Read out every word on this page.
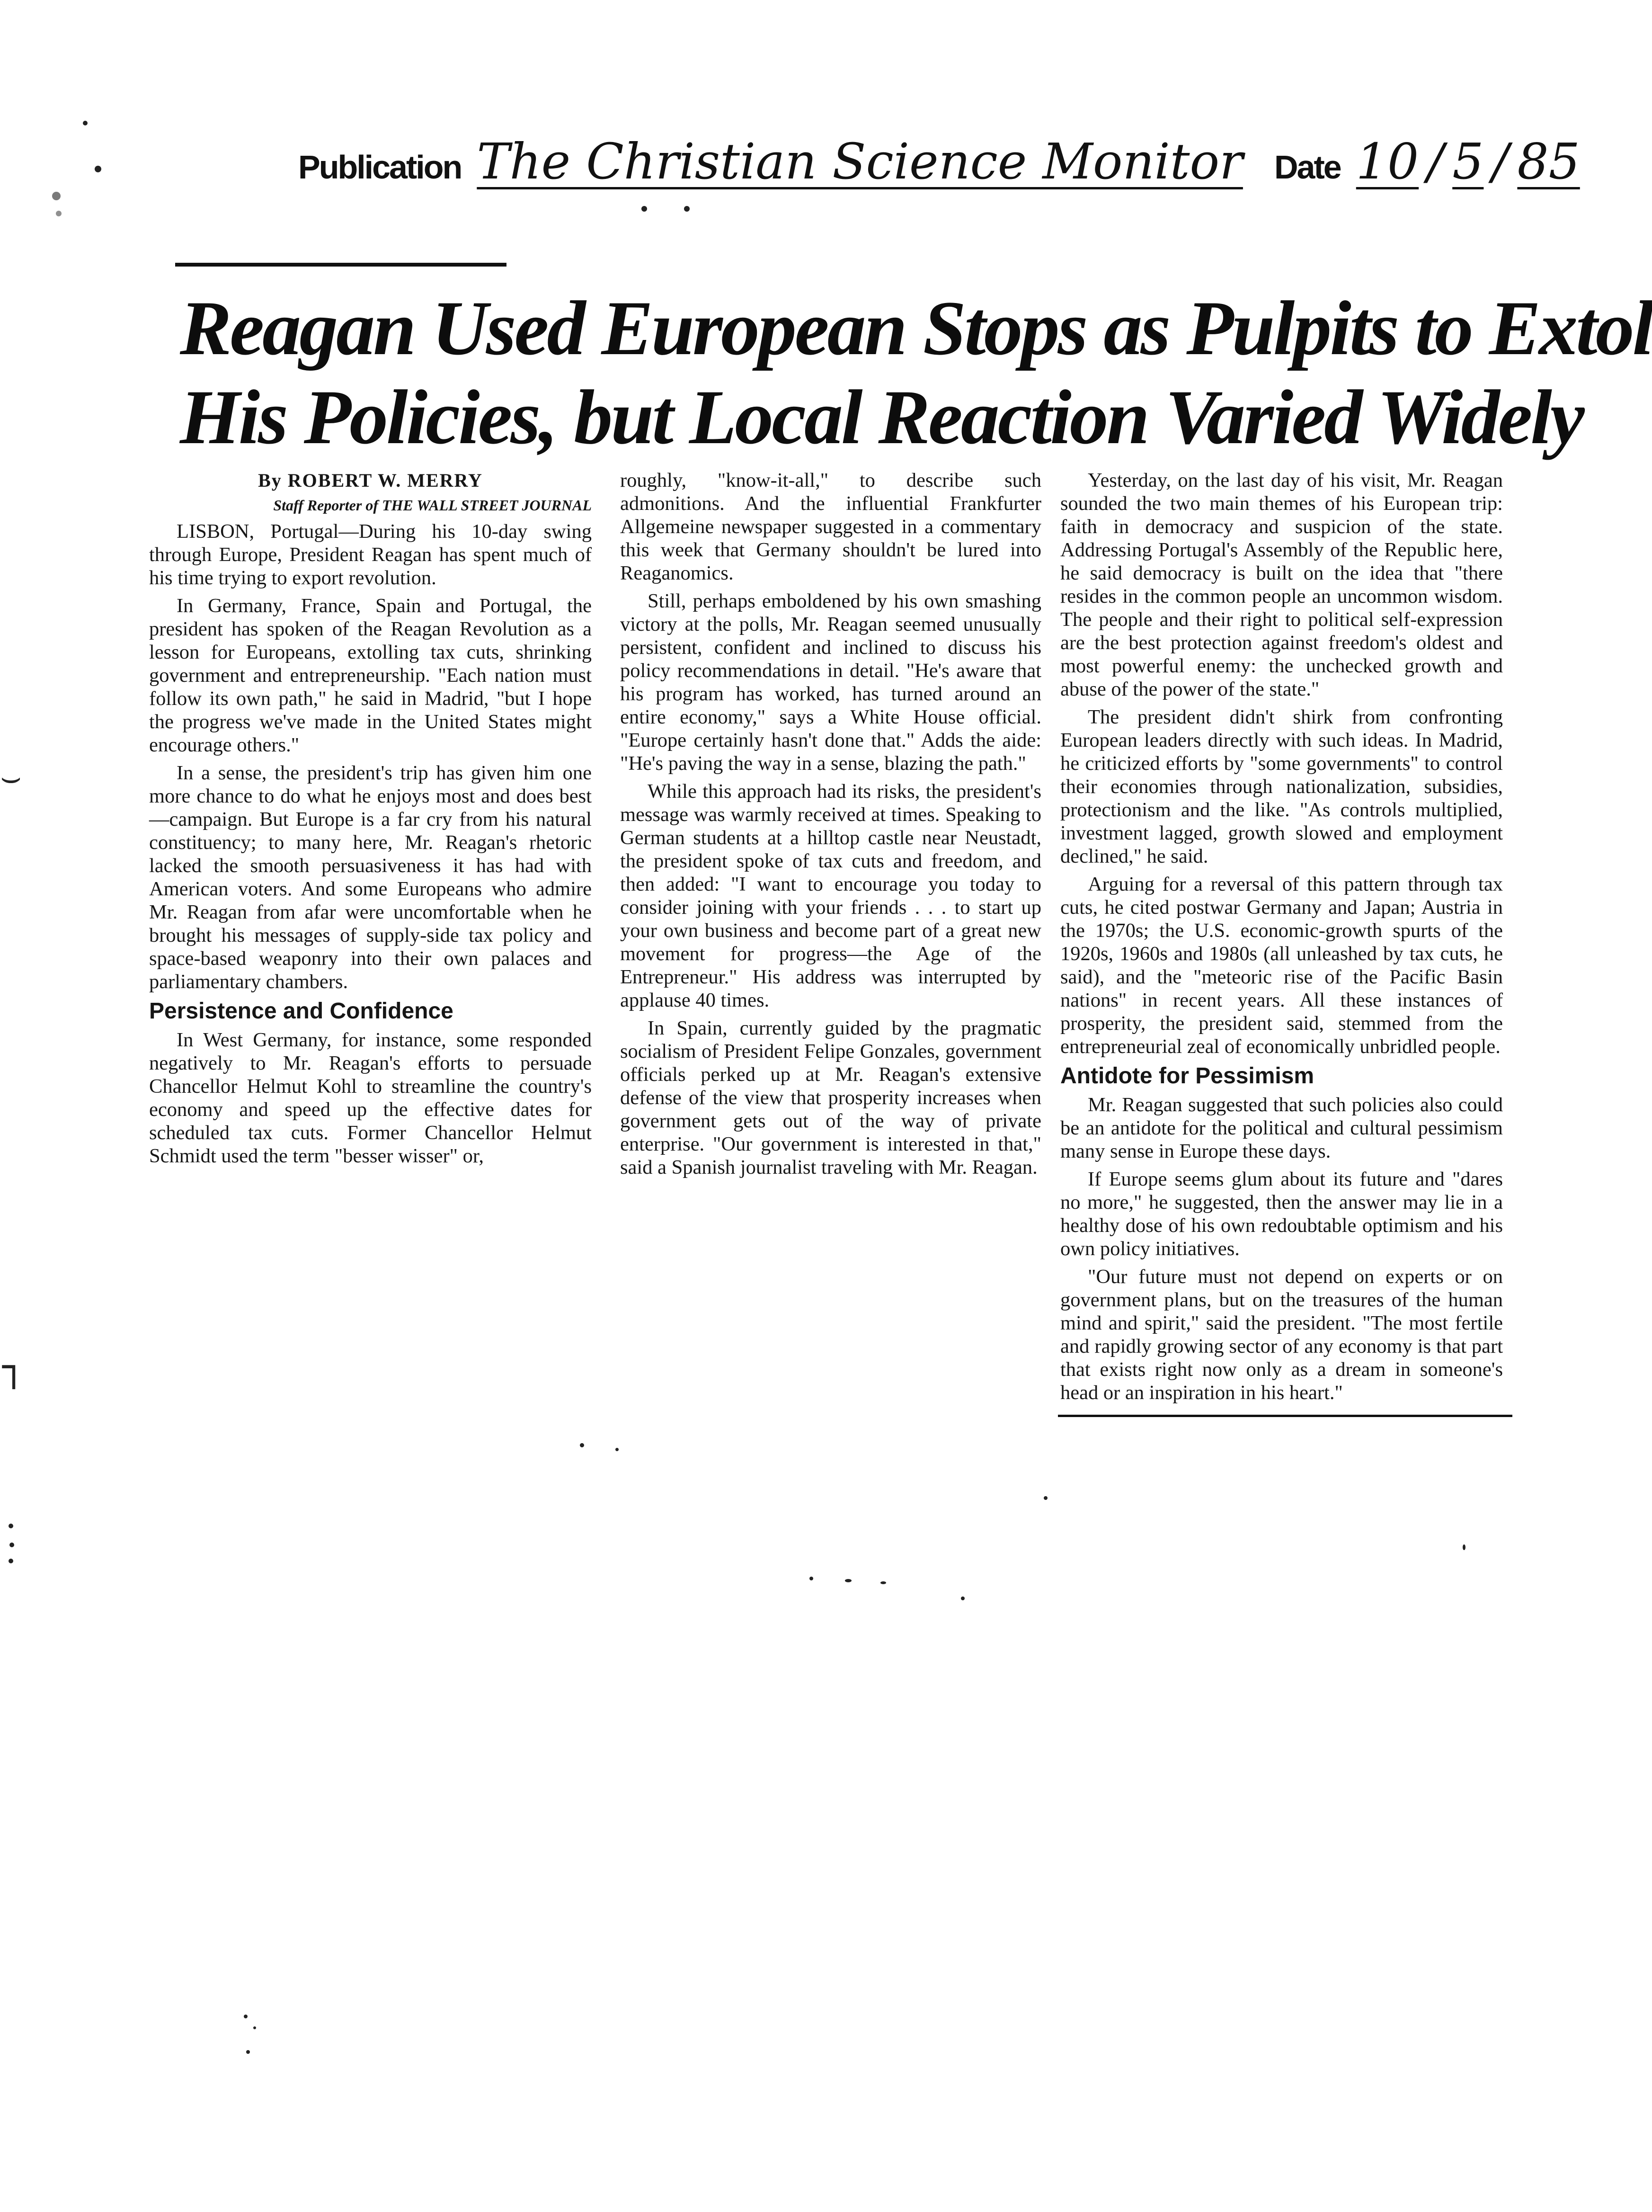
Publication The Christian Science Monitor Date 10 / 5 / 85
Reagan Used European Stops as Pulpits to Extol
His Policies, but Local Reaction Varied Widely
By ROBERT W. MERRY
Staff Reporter of THE WALL STREET JOURNAL

LISBON, Portugal—During his 10-day swing through Europe, President Reagan has spent much of his time trying to export revolution.

In Germany, France, Spain and Portugal, the president has spoken of the Reagan Revolution as a lesson for Europeans, extolling tax cuts, shrinking government and entrepreneurship. "Each nation must follow its own path," he said in Madrid, "but I hope the progress we've made in the United States might encourage others."

In a sense, the president's trip has given him one more chance to do what he enjoys most and does best—campaign. But Europe is a far cry from his natural constituency; to many here, Mr. Reagan's rhetoric lacked the smooth persuasiveness it has had with American voters. And some Europeans who admire Mr. Reagan from afar were uncomfortable when he brought his messages of supply-side tax policy and space-based weaponry into their own palaces and parliamentary chambers.

Persistence and Confidence

In West Germany, for instance, some responded negatively to Mr. Reagan's efforts to persuade Chancellor Helmut Kohl to streamline the country's economy and speed up the effective dates for scheduled tax cuts. Former Chancellor Helmut Schmidt used the term "besser wisser" or,

roughly, "know-it-all," to describe such admonitions. And the influential Frankfurter Allgemeine newspaper suggested in a commentary this week that Germany shouldn't be lured into Reaganomics.

Still, perhaps emboldened by his own smashing victory at the polls, Mr. Reagan seemed unusually persistent, confident and inclined to discuss his policy recommendations in detail. "He's aware that his program has worked, has turned around an entire economy," says a White House official. "Europe certainly hasn't done that." Adds the aide: "He's paving the way in a sense, blazing the path."

While this approach had its risks, the president's message was warmly received at times. Speaking to German students at a hilltop castle near Neustadt, the president spoke of tax cuts and freedom, and then added: "I want to encourage you today to consider joining with your friends . . . to start up your own business and become part of a great new movement for progress—the Age of the Entrepreneur." His address was interrupted by applause 40 times.

In Spain, currently guided by the pragmatic socialism of President Felipe Gonzales, government officials perked up at Mr. Reagan's extensive defense of the view that prosperity increases when government gets out of the way of private enterprise. "Our government is interested in that," said a Spanish journalist traveling with Mr. Reagan.

Yesterday, on the last day of his visit, Mr. Reagan sounded the two main themes of his European trip: faith in democracy and suspicion of the state. Addressing Portugal's Assembly of the Republic here, he said democracy is built on the idea that "there resides in the common people an uncommon wisdom. The people and their right to political self-expression are the best protection against freedom's oldest and most powerful enemy: the unchecked growth and abuse of the power of the state."

The president didn't shirk from confronting European leaders directly with such ideas. In Madrid, he criticized efforts by "some governments" to control their economies through nationalization, subsidies, protectionism and the like. "As controls multiplied, investment lagged, growth slowed and employment declined," he said.

Arguing for a reversal of this pattern through tax cuts, he cited postwar Germany and Japan; Austria in the 1970s; the U.S. economic-growth spurts of the 1920s, 1960s and 1980s (all unleashed by tax cuts, he said), and the "meteoric rise of the Pacific Basin nations" in recent years. All these instances of prosperity, the president said, stemmed from the entrepreneurial zeal of economically unbridled people.

Antidote for Pessimism

Mr. Reagan suggested that such policies also could be an antidote for the political and cultural pessimism many sense in Europe these days.

If Europe seems glum about its future and "dares no more," he suggested, then the answer may lie in a healthy dose of his own redoubtable optimism and his own policy initiatives.

"Our future must not depend on experts or on government plans, but on the treasures of the human mind and spirit," said the president. "The most fertile and rapidly growing sector of any economy is that part that exists right now only as a dream in someone's head or an inspiration in his heart."

⌣
┐
